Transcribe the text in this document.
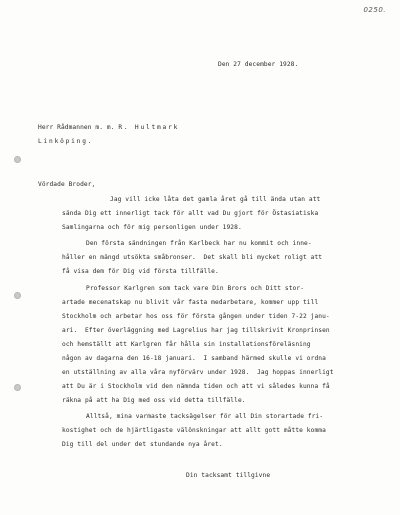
0250.
Den 27 december 1928.
Herr Rådmannen m. m. R. Hultmark
Linköping.
Vördade Broder,
Jag vill icke låta det gamla året gå till ända utan att
sända Dig ett innerligt tack för allt vad Du gjort för Östasiatiska
Samlingarna och för mig personligen under 1928.
Den första sändningen från Karlbeck har nu kommit och inne-
håller en mängd utsökta småbronser.  Det skall bli mycket roligt att
få visa dem för Dig vid första tillfälle.
Professor Karlgren som tack vare Din Brors och Ditt stor-
artade mecenatskap nu blivit vår fasta medarbetare, kommer upp till
Stockholm och arbetar hos oss för första gången under tiden 7-22 janu-
ari.  Efter överläggning med Lagrelius har jag tillskrivit Kronprinsen
och hemställt att Karlgren får hålla sin installationsföreläsning
någon av dagarna den 16-18 januari.  I samband härmed skulle vi ordna
en utställning av alla våra nyförvärv under 1928.  Jag hoppas innerligt
att Du är i Stockholm vid den nämnda tiden och att vi således kunna få
räkna på att ha Dig med oss vid detta tillfälle.
Alltså, mina varmaste tacksägelser för all Din storartade fri-
kostighet och de hjärtligaste välönskningar att allt gott måtte komma
Dig till del under det stundande nya året.
Din tacksamt tillgivne
